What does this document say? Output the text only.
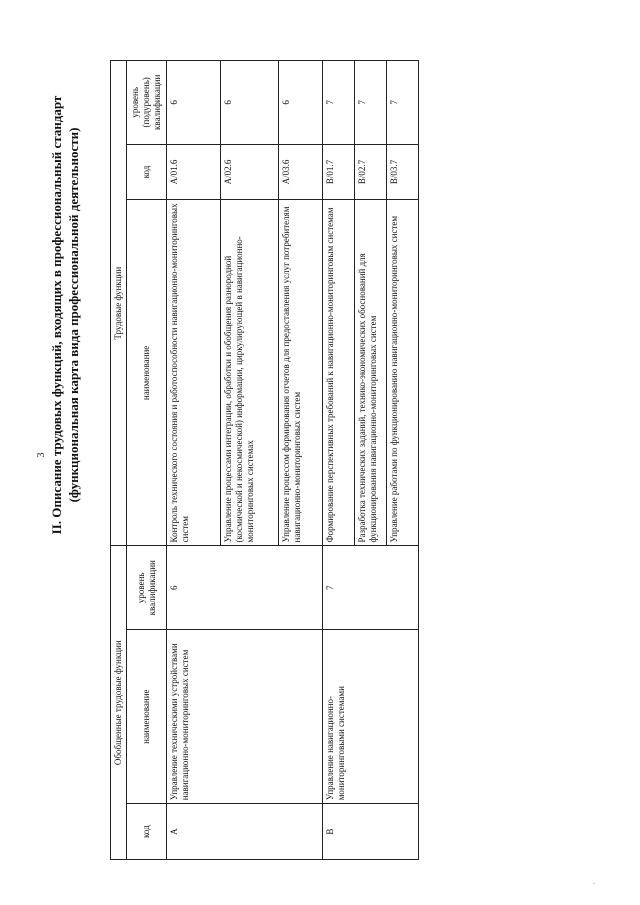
3 II. Описание трудовых функций, входящих в профессиональный стандарт (функциональная карта вида профессиональной деятельности)
Обобщенные трудовые функции			Трудовые функции		
код	наименование	уровень квалификации	наименование	код	уровень (подуровень) квалификации
A	Управление техническими устройствами навигационно-мониторинговых систем	6	Контроль технического состояния и работоспособности навигационно-мониторинговых систем	A/01.6	6
			Управление процессами интеграции, обработки и обобщения разнородной (космической и некосмической) информации, циркулирующей в навигационно-мониторинговых системах	A/02.6	6
			Управление процессом формирования отчетов для предоставления услуг потребителям навигационно-мониторинговых систем	A/03.6	6
B	Управление навигационно-мониторинговыми системами	7	Формирование перспективных требований к навигационно-мониторинговым системам	B/01.7	7
			Разработка технических заданий, технико-экономических обоснований для функционирования навигационно-мониторинговых систем	B/02.7	7
			Управление работами по функционированию навигационно-мониторинговых систем	B/03.7	7
·
